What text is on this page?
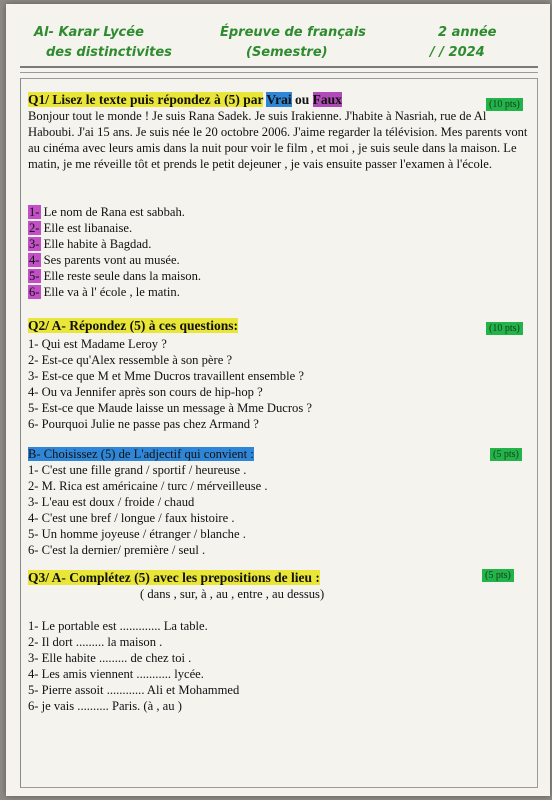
Al- Karar Lycée
des distinctivites
Épreuve de français
(Semestre)
2 année
/ / 2024
Q1/ Lisez le texte puis répondez à (5) par Vrai ou Faux	(10 pts)
Bonjour tout le monde ! Je suis Rana Sadek. Je suis Irakienne. J'habite à Nasriah, rue de Al Haboubi. J'ai 15 ans. Je suis née le 20 octobre 2006. J'aime regarder la télévision. Mes parents vont au cinéma avec leurs amis dans la nuit pour voir le film , et moi , je suis seule dans la maison. Le matin, je me réveille tôt et prends le petit dejeuner , je vais ensuite passer l'examen à l'école.
1- Le nom de Rana est sabbah.
2- Elle est libanaise.
3- Elle habite à Bagdad.
4- Ses parents vont au musée.
5- Elle reste seule dans la maison.
6- Elle va à l' école , le matin.
Q2/ A- Répondez (5) à ces questions:	(10 pts)
1- Qui est Madame Leroy ?
2- Est-ce qu'Alex ressemble à son père ?
3- Est-ce que M et Mme Ducros travaillent ensemble ?
4- Ou va Jennifer après son cours de hip-hop ?
5- Est-ce que Maude laisse un message à Mme Ducros ?
6- Pourquoi Julie ne passe pas chez Armand ?
B- Choisissez (5) de L'adjectif qui convient :	(5 pts)
1- C'est une fille grand / sportif / heureuse .
2- M. Rica est américaine / turc / mérveilleuse .
3- L'eau est doux / froide / chaud
4- C'est une bref / longue / faux histoire .
5- Un homme joyeuse / étranger / blanche .
6- C'est la dernier/ première / seul .
Q3/ A- Complétez (5) avec les prepositions de lieu :	(5 pts)
( dans , sur, à , au , entre , au dessus)
1- Le portable est ............. La table.
2- Il dort ......... la maison .
3- Elle habite ......... de chez toi .
4- Les amis viennent ........... lycée.
5- Pierre assoit ............ Ali et Mohammed
6- je vais .......... Paris. (à , au )
